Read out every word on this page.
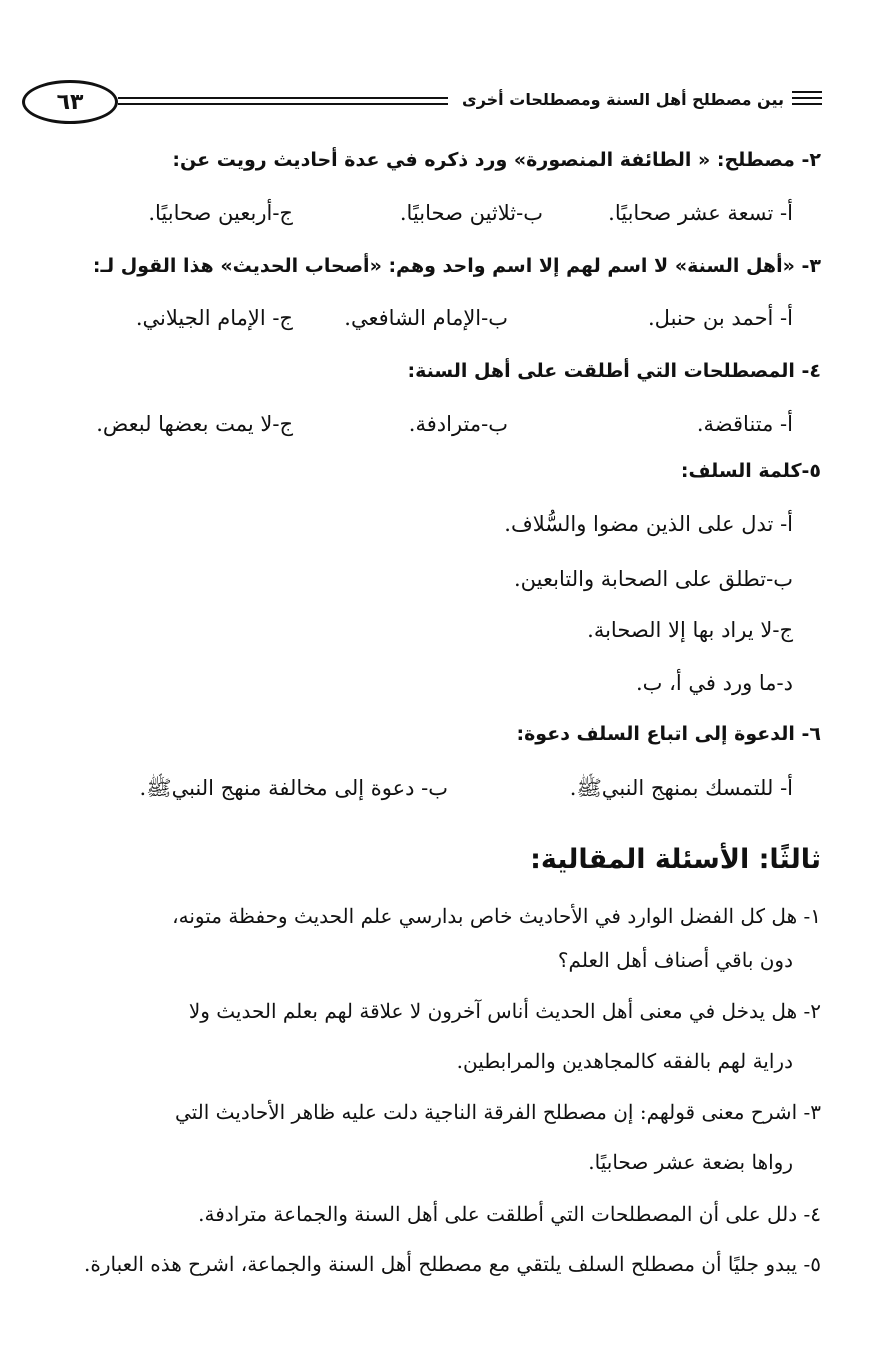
بين مصطلح أهل السنة ومصطلحات أخرى
٦٣
٢- مصطلح: « الطائفة المنصورة» ورد ذكره في عدة أحاديث رويت عن:
أ- تسعة عشر صحابيًا.
ب-ثلاثين صحابيًا.
ج-أربعين صحابيًا.
٣- «أهل السنة» لا اسم لهم إلا اسم واحد وهم: «أصحاب الحديث» هذا القول لـ:
أ- أحمد بن حنبل.
ب-الإمام الشافعي.
ج- الإمام الجيلاني.
٤- المصطلحات التي أطلقت على أهل السنة:
أ- متناقضة.
ب-مترادفة.
ج-لا يمت بعضها لبعض.
٥-كلمة السلف:
أ- تدل على الذين مضوا والسُّلاف.
ب-تطلق على الصحابة والتابعين.
ج-لا يراد بها إلا الصحابة.
د-ما ورد في أ، ب.
٦- الدعوة إلى اتباع السلف دعوة:
أ- للتمسك بمنهج النبيﷺ.
ب- دعوة إلى مخالفة منهج النبيﷺ.
ثالثًا: الأسئلة المقالية:
١- هل كل الفضل الوارد في الأحاديث خاص بدارسي علم الحديث وحفظة متونه،
دون باقي أصناف أهل العلم؟
٢- هل يدخل في معنى أهل الحديث أناس آخرون لا علاقة لهم بعلم الحديث ولا
دراية لهم بالفقه كالمجاهدين والمرابطين.
٣- اشرح معنى قولهم: إن مصطلح الفرقة الناجية دلت عليه ظاهر الأحاديث التي
رواها بضعة عشر صحابيًا.
٤- دلل على أن المصطلحات التي أطلقت على أهل السنة والجماعة مترادفة.
٥- يبدو جليًا أن مصطلح السلف يلتقي مع مصطلح أهل السنة والجماعة، اشرح هذه العبارة.
